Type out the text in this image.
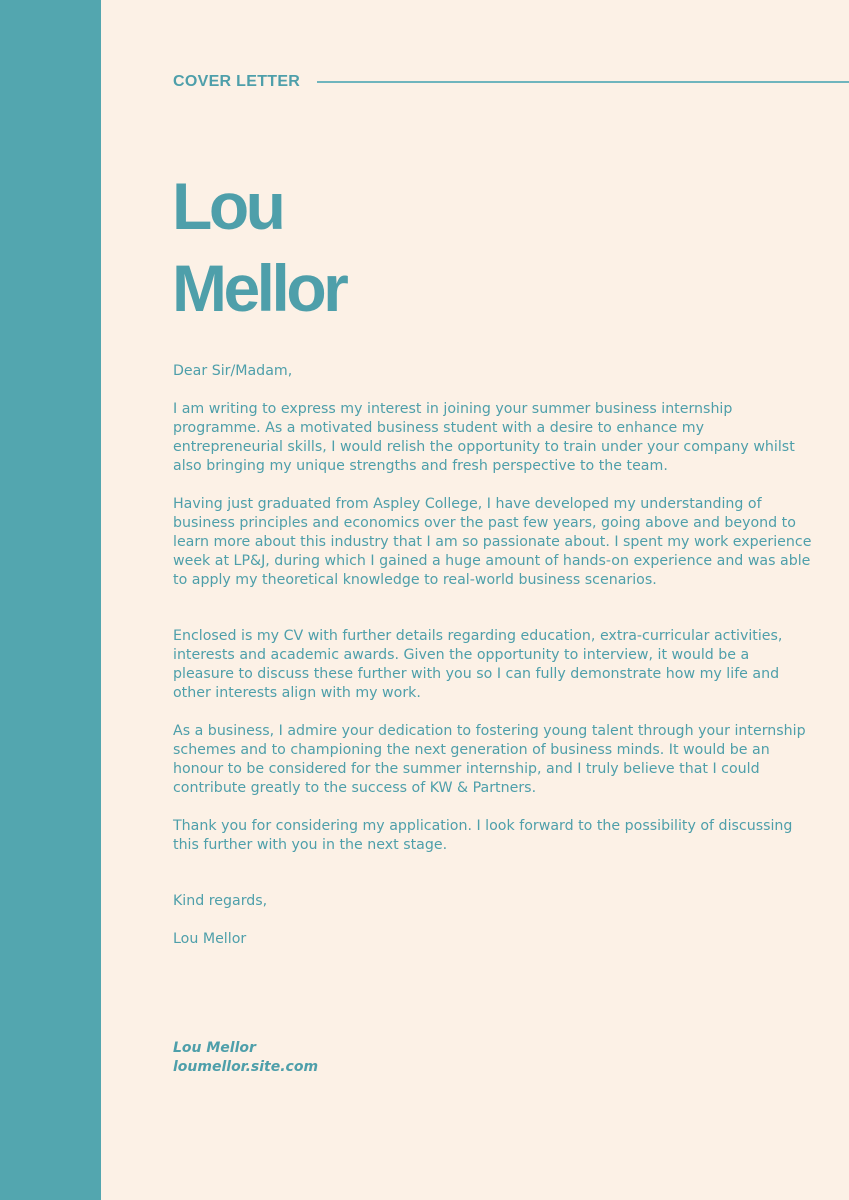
COVER LETTER
Lou
Mellor

Dear Sir/Madam,

I am writing to express my interest in joining your summer business internship programme. As a motivated business student with a desire to enhance my entrepreneurial skills, I would relish the opportunity to train under your company whilst also bringing my unique strengths and fresh perspective to the team.

Having just graduated from Aspley College, I have developed my understanding of business principles and economics over the past few years, going above and beyond to learn more about this industry that I am so passionate about. I spent my work experience week at LP&J, during which I gained a huge amount of hands-on experience and was able to apply my theoretical knowledge to real-world business scenarios.

Enclosed is my CV with further details regarding education, extra-curricular activities, interests and academic awards. Given the opportunity to interview, it would be a pleasure to discuss these further with you so I can fully demonstrate how my life and other interests align with my work.

As a business, I admire your dedication to fostering young talent through your internship schemes and to championing the next generation of business minds. It would be an honour to be considered for the summer internship, and I truly believe that I could contribute greatly to the success of KW & Partners.

Thank you for considering my application. I look forward to the possibility of discussing this further with you in the next stage.

Kind regards,

Lou Mellor

Lou Mellor
loumellor.site.com
